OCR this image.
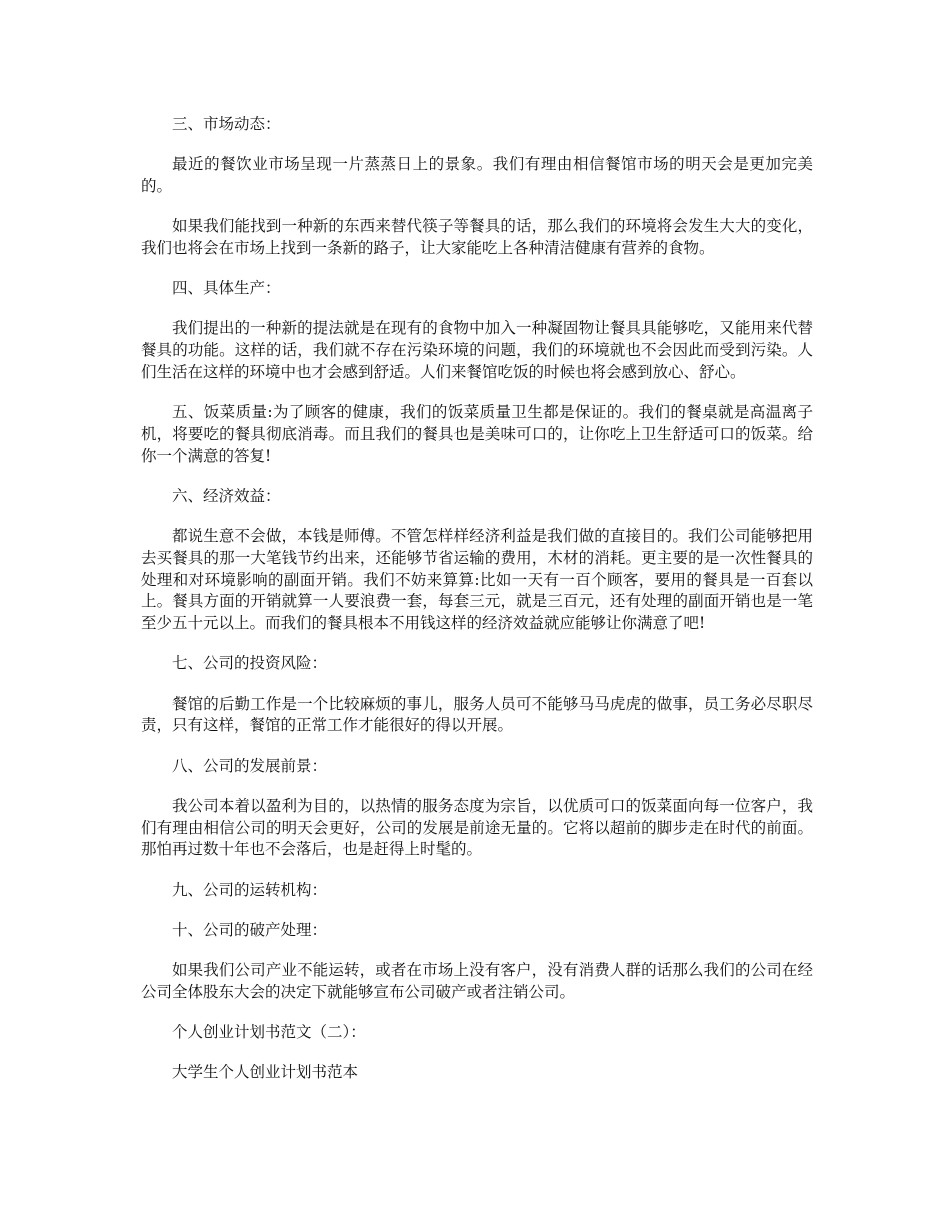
三、市场动态：

最近的餐饮业市场呈现一片蒸蒸日上的景象。我们有理由相信餐馆市场的明天会是更加完美的。

如果我们能找到一种新的东西来替代筷子等餐具的话，那么我们的环境将会发生大大的变化，我们也将会在市场上找到一条新的路子，让大家能吃上各种清洁健康有营养的食物。

四、具体生产：

我们提出的一种新的提法就是在现有的食物中加入一种凝固物让餐具具能够吃，又能用来代替餐具的功能。这样的话，我们就不存在污染环境的问题，我们的环境就也不会因此而受到污染。人们生活在这样的环境中也才会感到舒适。人们来餐馆吃饭的时候也将会感到放心、舒心。

五、饭菜质量:为了顾客的健康，我们的饭菜质量卫生都是保证的。我们的餐桌就是高温离子机，将要吃的餐具彻底消毒。而且我们的餐具也是美味可口的，让你吃上卫生舒适可口的饭菜。给你一个满意的答复!

六、经济效益：

都说生意不会做，本钱是师傅。不管怎样样经济利益是我们做的直接目的。我们公司能够把用去买餐具的那一大笔钱节约出来，还能够节省运输的费用，木材的消耗。更主要的是一次性餐具的处理和对环境影响的副面开销。我们不妨来算算:比如一天有一百个顾客，要用的餐具是一百套以上。餐具方面的开销就算一人要浪费一套，每套三元，就是三百元，还有处理的副面开销也是一笔至少五十元以上。而我们的餐具根本不用钱这样的经济效益就应能够让你满意了吧!

七、公司的投资风险：

餐馆的后勤工作是一个比较麻烦的事儿，服务人员可不能够马马虎虎的做事，员工务必尽职尽责，只有这样，餐馆的正常工作才能很好的得以开展。

八、公司的发展前景：

我公司本着以盈利为目的，以热情的服务态度为宗旨，以优质可口的饭菜面向每一位客户，我们有理由相信公司的明天会更好，公司的发展是前途无量的。它将以超前的脚步走在时代的前面。那怕再过数十年也不会落后，也是赶得上时髦的。

九、公司的运转机构：

十、公司的破产处理：

如果我们公司产业不能运转，或者在市场上没有客户，没有消费人群的话那么我们的公司在经公司全体股东大会的决定下就能够宣布公司破产或者注销公司。

个人创业计划书范文（二）：

大学生个人创业计划书范本
